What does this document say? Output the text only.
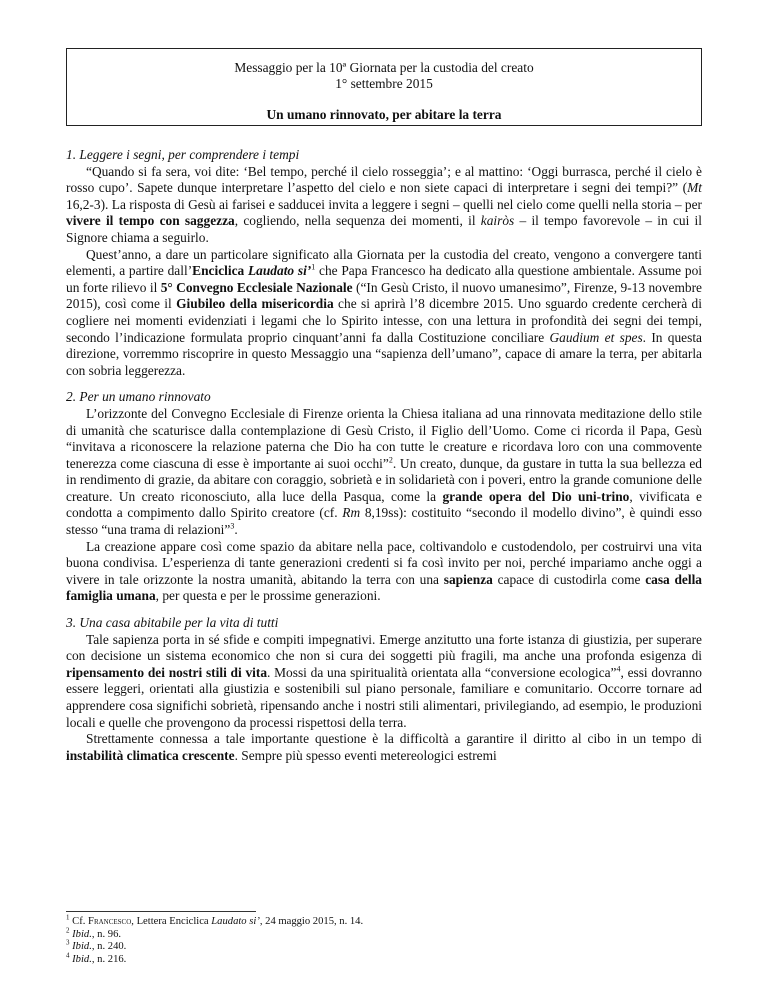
Messaggio per la 10ª Giornata per la custodia del creato
1° settembre 2015
Un umano rinnovato, per abitare la terra
1. Leggere i segni, per comprendere i tempi

“Quando si fa sera, voi dite: ‘Bel tempo, perché il cielo rosseggia’; e al mattino: ‘Oggi burrasca, perché il cielo è rosso cupo’. Sapete dunque interpretare l’aspetto del cielo e non siete capaci di interpretare i segni dei tempi?” (Mt 16,2-3). La risposta di Gesù ai farisei e sadducei invita a leggere i segni – quelli nel cielo come quelli nella storia – per vivere il tempo con saggezza, cogliendo, nella sequenza dei momenti, il kairòs – il tempo favorevole – in cui il Signore chiama a seguirlo.

Quest’anno, a dare un particolare significato alla Giornata per la custodia del creato, vengono a convergere tanti elementi, a partire dall’Enciclica Laudato si’$^1$ che Papa Francesco ha dedicato alla questione ambientale. Assume poi un forte rilievo il 5° Convegno Ecclesiale Nazionale (“In Gesù Cristo, il nuovo umanesimo”, Firenze, 9-13 novembre 2015), così come il Giubileo della misericordia che si aprirà l’8 dicembre 2015. Uno sguardo credente cercherà di cogliere nei momenti evidenziati i legami che lo Spirito intesse, con una lettura in profondità dei segni dei tempi, secondo l’indicazione formulata proprio cinquant’anni fa dalla Costituzione conciliare Gaudium et spes. In questa direzione, vorremmo riscoprire in questo Messaggio una “sapienza dell’umano”, capace di amare la terra, per abitarla con sobria leggerezza.

2. Per un umano rinnovato

L’orizzonte del Convegno Ecclesiale di Firenze orienta la Chiesa italiana ad una rinnovata meditazione dello stile di umanità che scaturisce dalla contemplazione di Gesù Cristo, il Figlio dell’Uomo. Come ci ricorda il Papa, Gesù “invitava a riconoscere la relazione paterna che Dio ha con tutte le creature e ricordava loro con una commovente tenerezza come ciascuna di esse è importante ai suoi occhi”$^2$. Un creato, dunque, da gustare in tutta la sua bellezza ed in rendimento di grazie, da abitare con coraggio, sobrietà e in solidarietà con i poveri, entro la grande comunione delle creature. Un creato riconosciuto, alla luce della Pasqua, come la grande opera del Dio uni-trino, vivificata e condotta a compimento dallo Spirito creatore (cf. Rm 8,19ss): costituito “secondo il modello divino”, è quindi esso stesso “una trama di relazioni”$^3$.

La creazione appare così come spazio da abitare nella pace, coltivandolo e custodendolo, per costruirvi una vita buona condivisa. L’esperienza di tante generazioni credenti si fa così invito per noi, perché impariamo anche oggi a vivere in tale orizzonte la nostra umanità, abitando la terra con una sapienza capace di custodirla come casa della famiglia umana, per questa e per le prossime generazioni.

3. Una casa abitabile per la vita di tutti

Tale sapienza porta in sé sfide e compiti impegnativi. Emerge anzitutto una forte istanza di giustizia, per superare con decisione un sistema economico che non si cura dei soggetti più fragili, ma anche una profonda esigenza di ripensamento dei nostri stili di vita. Mossi da una spiritualità orientata alla “conversione ecologica”$^4$, essi dovranno essere leggeri, orientati alla giustizia e sostenibili sul piano personale, familiare e comunitario. Occorre tornare ad apprendere cosa significhi sobrietà, ripensando anche i nostri stili alimentari, privilegiando, ad esempio, le produzioni locali e quelle che provengono da processi rispettosi della terra.

Strettamente connessa a tale importante questione è la difficoltà a garantire il diritto al cibo in un tempo di instabilità climatica crescente. Sempre più spesso eventi metereologici estremi

$^1$ Cf. Francesco, Lettera Enciclica Laudato si’, 24 maggio 2015, n. 14.
$^2$ Ibid., n. 96.
$^3$ Ibid., n. 240.
$^4$ Ibid., n. 216.
